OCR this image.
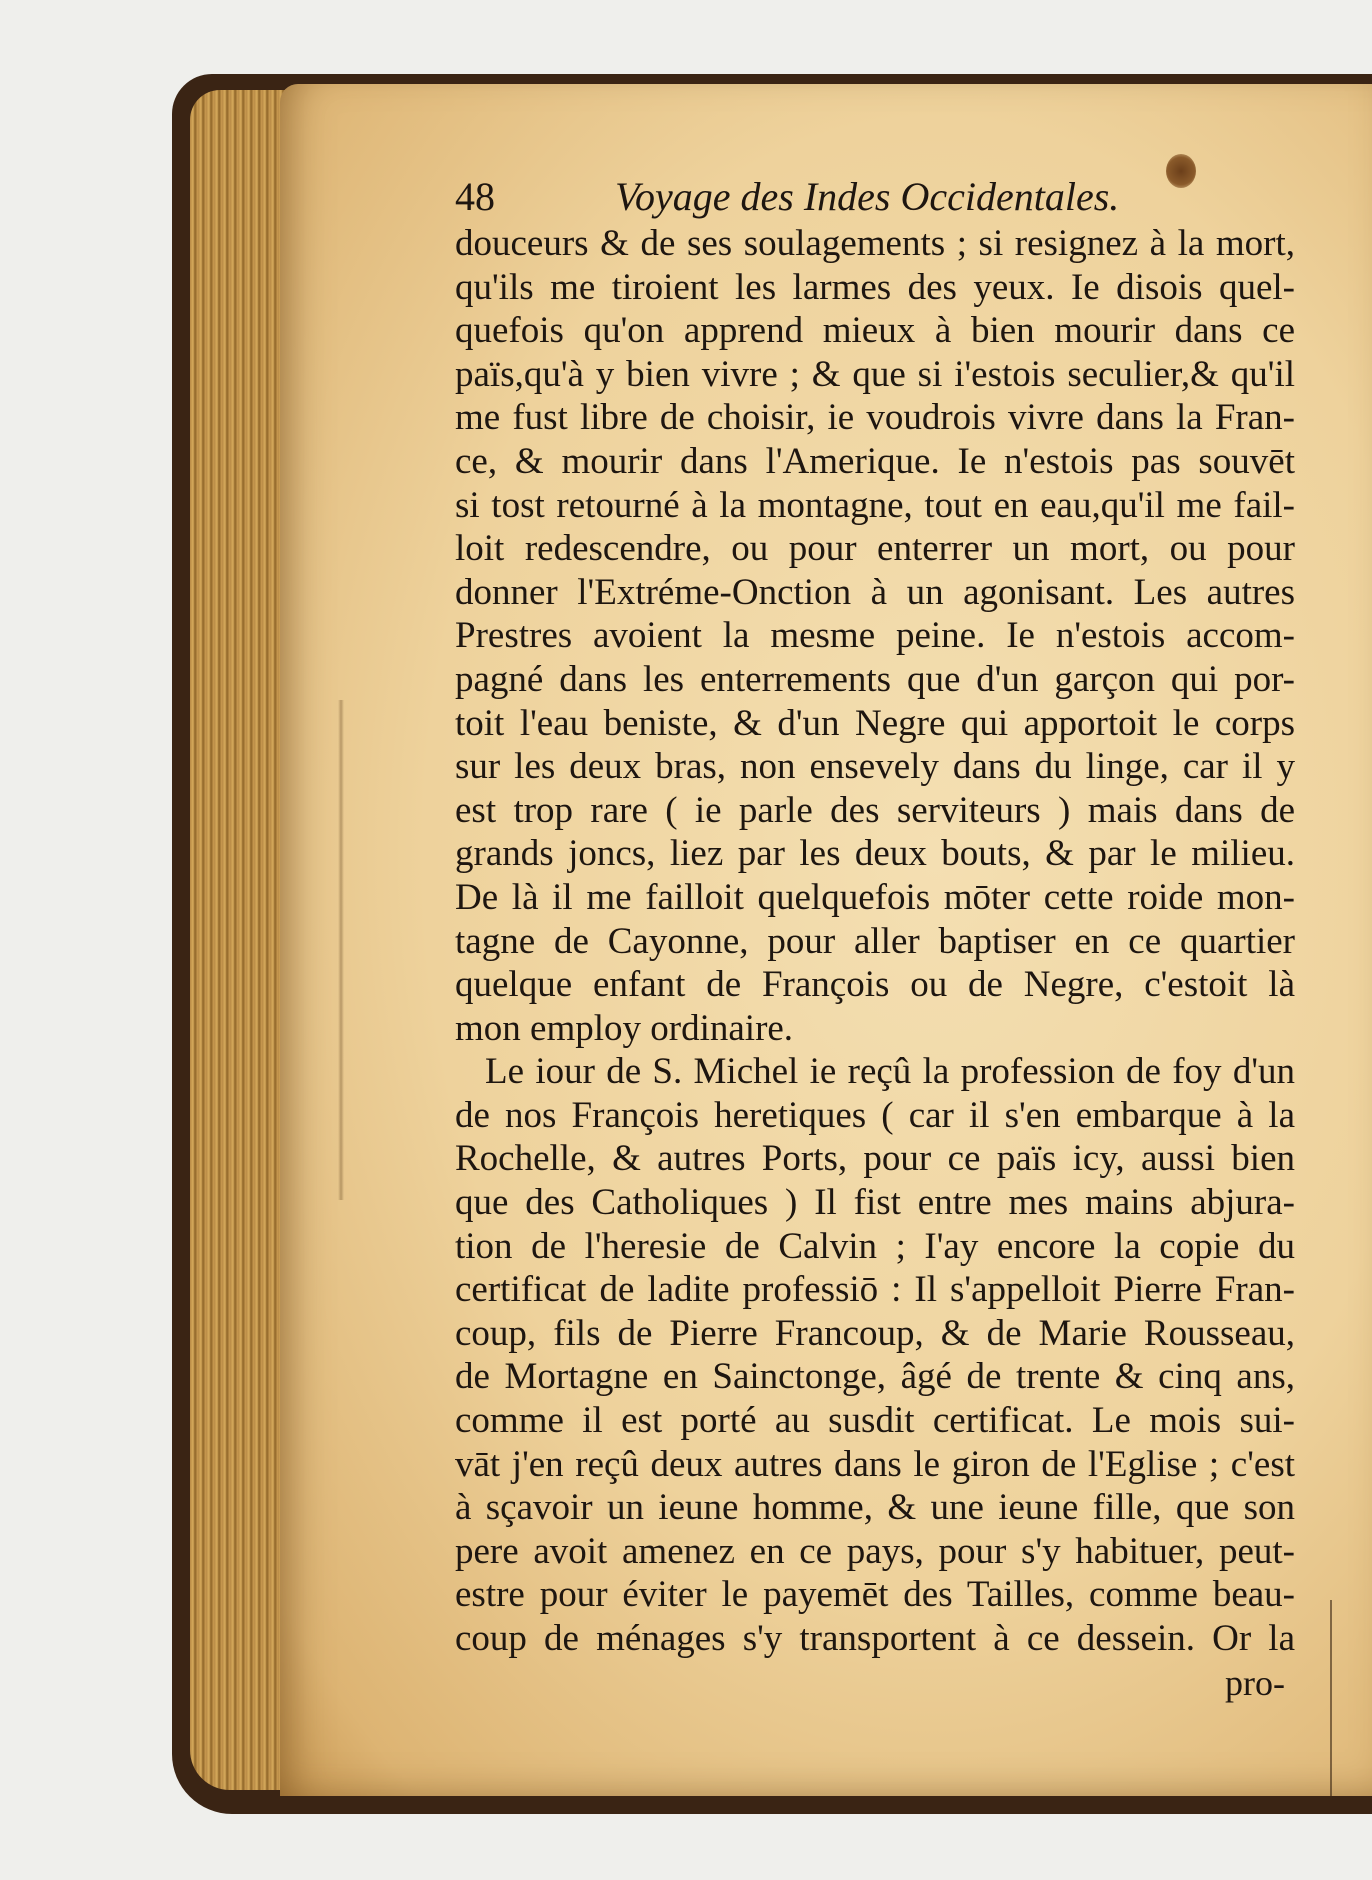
48	Voyage des Indes Occidentales.
douceurs & de ses soulagements ; si resignez à la mort,
qu'ils me tiroient les larmes des yeux. Ie disois quel-
quefois qu'on apprend mieux à bien mourir dans ce
païs,qu'à y bien vivre ; & que si i'estois seculier,& qu'il
me fust libre de choisir, ie voudrois vivre dans la Fran-
ce, & mourir dans l'Amerique. Ie n'estois pas souvēt
si tost retourné à la montagne, tout en eau,qu'il me fail-
loit redescendre, ou pour enterrer un mort, ou pour
donner l'Extréme-Onction à un agonisant. Les autres
Prestres avoient la mesme peine. Ie n'estois accom-
pagné dans les enterrements que d'un garçon qui por-
toit l'eau beniste, & d'un Negre qui apportoit le corps
sur les deux bras, non ensevely dans du linge, car il y
est trop rare ( ie parle des serviteurs ) mais dans de
grands joncs, liez par les deux bouts, & par le milieu.
De là il me failloit quelquefois mōter cette roide mon-
tagne de Cayonne, pour aller baptiser en ce quartier
quelque enfant de François ou de Negre, c'estoit là
mon employ ordinaire.
Le iour de S. Michel ie reçû la profession de foy d'un
de nos François heretiques ( car il s'en embarque à la
Rochelle, & autres Ports, pour ce païs icy, aussi bien
que des Catholiques ) Il fist entre mes mains abjura-
tion de l'heresie de Calvin ; I'ay encore la copie du
certificat de ladite professiō : Il s'appelloit Pierre Fran-
coup, fils de Pierre Francoup, & de Marie Rousseau,
de Mortagne en Sainctonge, âgé de trente & cinq ans,
comme il est porté au susdit certificat. Le mois sui-
vāt j'en reçû deux autres dans le giron de l'Eglise ; c'est
à sçavoir un ieune homme, & une ieune fille, que son
pere avoit amenez en ce pays, pour s'y habituer, peut-
estre pour éviter le payemēt des Tailles, comme beau-
coup de ménages s'y transportent à ce dessein. Or la
pro-
